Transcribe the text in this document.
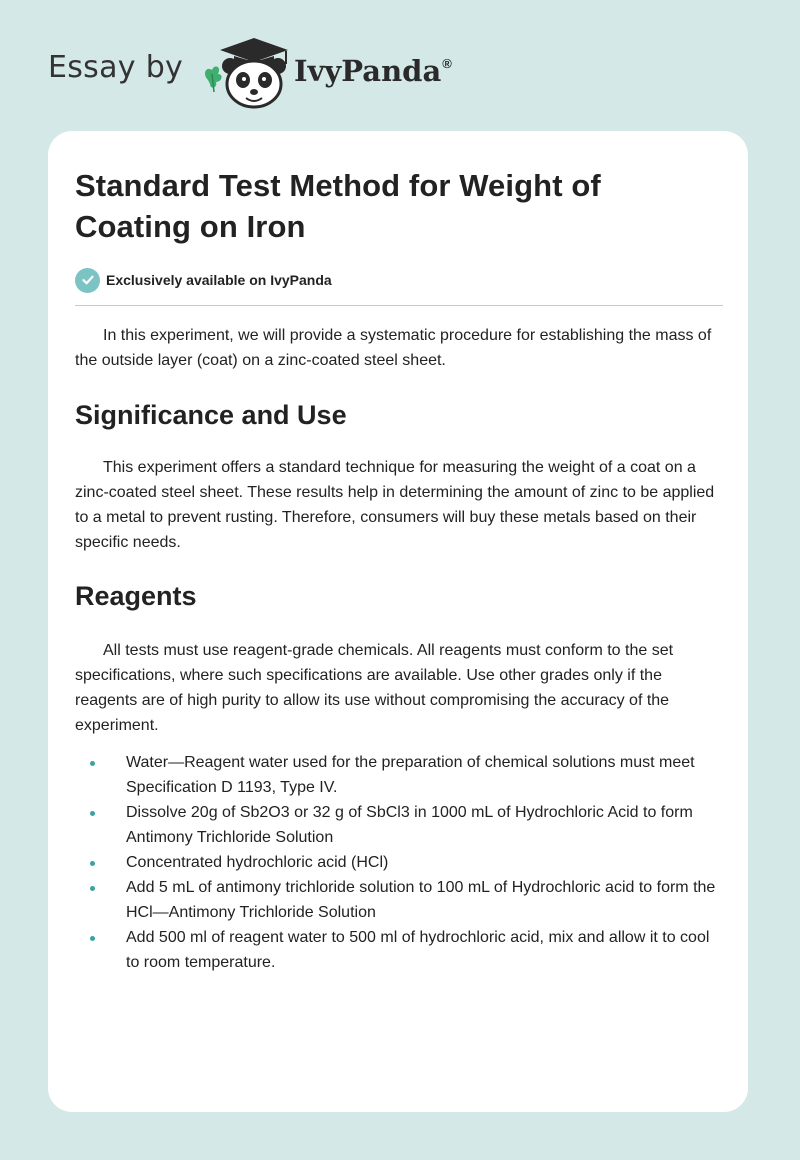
Essay by	IvyPanda®
Standard Test Method for Weight of Coating on Iron
Exclusively available on IvyPanda

In this experiment, we will provide a systematic procedure for establishing the mass of the outside layer (coat) on a zinc-coated steel sheet.

Significance and Use

This experiment offers a standard technique for measuring the weight of a coat on a zinc-coated steel sheet. These results help in determining the amount of zinc to be applied to a metal to prevent rusting. Therefore, consumers will buy these metals based on their specific needs.

Reagents

All tests must use reagent-grade chemicals. All reagents must conform to the set specifications, where such specifications are available. Use other grades only if the reagents are of high purity to allow its use without compromising the accuracy of the experiment.

Water—Reagent water used for the preparation of chemical solutions must meet Specification D 1193, Type IV.
Dissolve 20g of Sb2O3 or 32 g of SbCl3 in 1000 mL of Hydrochloric Acid to form Antimony Trichloride Solution
Concentrated hydrochloric acid (HCl)
Add 5 mL of antimony trichloride solution to 100 mL of Hydrochloric acid to form the HCl—Antimony Trichloride Solution
Add 500 ml of reagent water to 500 ml of hydrochloric acid, mix and allow it to cool to room temperature.
